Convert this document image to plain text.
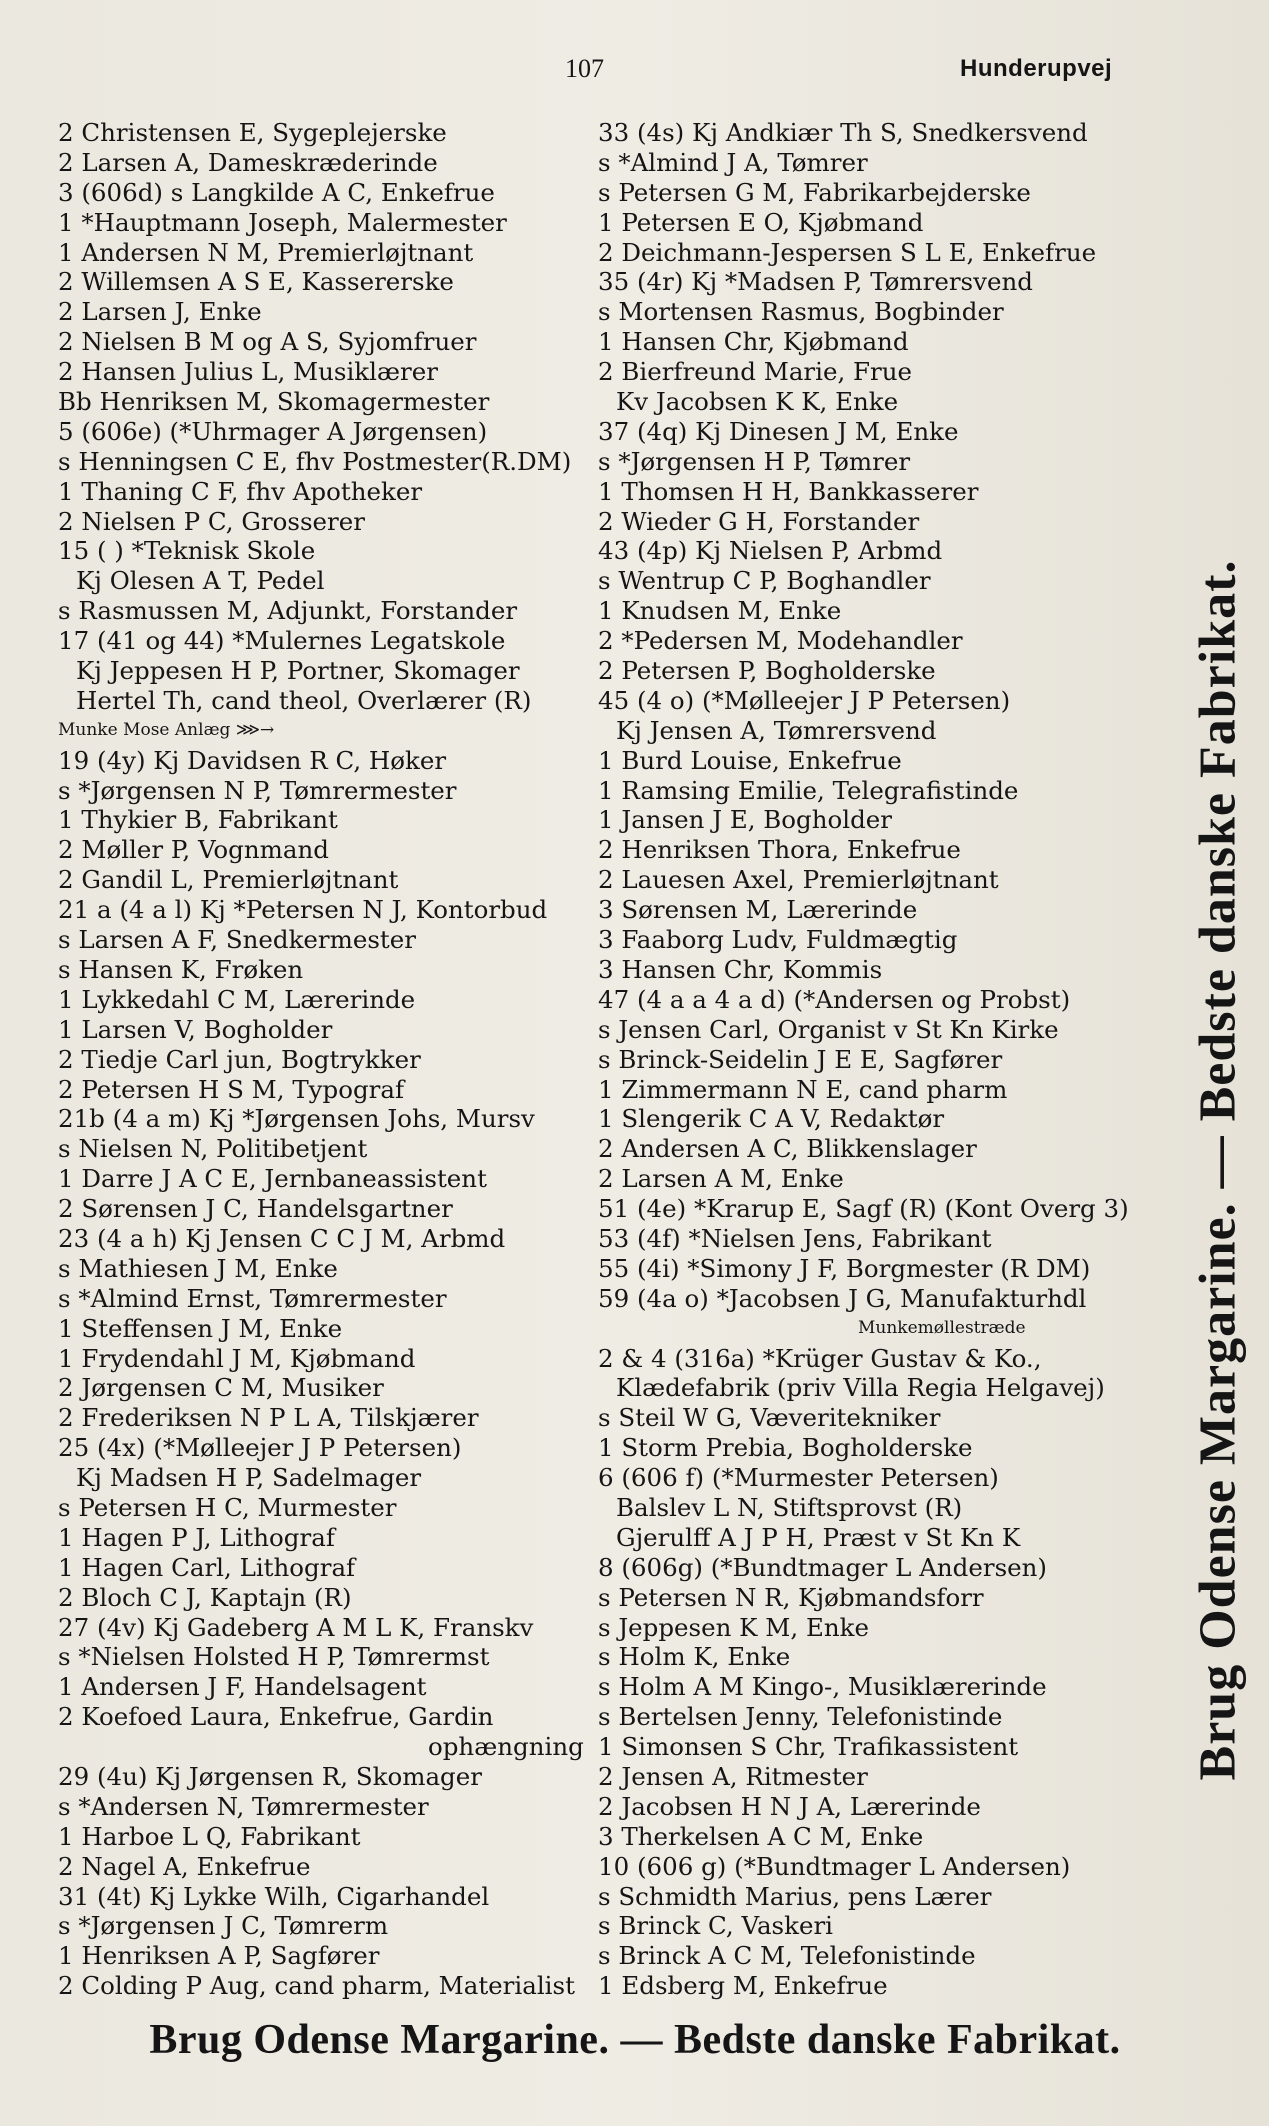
107	Hunderupvej
2 Christensen E, Sygeplejerske
2 Larsen A, Dameskræderinde
3 (606d) s Langkilde A C, Enkefrue
1 *Hauptmann Joseph, Malermester
1 Andersen N M, Premierløjtnant
2 Willemsen A S E, Kassererske
2 Larsen J, Enke
2 Nielsen B M og A S, Syjomfruer
2 Hansen Julius L, Musiklærer
Bb Henriksen M, Skomagermester
5 (606e) (*Uhrmager A Jørgensen)
s Henningsen C E, fhv Postmester(R.DM)
1 Thaning C F, fhv Apotheker
2 Nielsen P C, Grosserer
15 ( ) *Teknisk Skole
Kj Olesen A T, Pedel
s Rasmussen M, Adjunkt, Forstander
17 (41 og 44) *Mulernes Legatskole
Kj Jeppesen H P, Portner, Skomager
Hertel Th, cand theol, Overlærer (R)
Munke Mose Anlæg ⋙→
19 (4y) Kj Davidsen R C, Høker
s *Jørgensen N P, Tømrermester
1 Thykier B, Fabrikant
2 Møller P, Vognmand
2 Gandil L, Premierløjtnant
21 a (4 a l) Kj *Petersen N J, Kontorbud
s Larsen A F, Snedkermester
s Hansen K, Frøken
1 Lykkedahl C M, Lærerinde
1 Larsen V, Bogholder
2 Tiedje Carl jun, Bogtrykker
2 Petersen H S M, Typograf
21b (4 a m) Kj *Jørgensen Johs, Mursv
s Nielsen N, Politibetjent
1 Darre J A C E, Jernbaneassistent
2 Sørensen J C, Handelsgartner
23 (4 a h) Kj Jensen C C J M, Arbmd
s Mathiesen J M, Enke
s *Almind Ernst, Tømrermester
1 Steffensen J M, Enke
1 Frydendahl J M, Kjøbmand
2 Jørgensen C M, Musiker
2 Frederiksen N P L A, Tilskjærer
25 (4x) (*Mølleejer J P Petersen)
Kj Madsen H P, Sadelmager
s Petersen H C, Murmester
1 Hagen P J, Lithograf
1 Hagen Carl, Lithograf
2 Bloch C J, Kaptajn (R)
27 (4v) Kj Gadeberg A M L K, Franskv
s *Nielsen Holsted H P, Tømrermst
1 Andersen J F, Handelsagent
2 Koefoed Laura, Enkefrue, Gardin
ophængning
29 (4u) Kj Jørgensen R, Skomager
s *Andersen N, Tømrermester
1 Harboe L Q, Fabrikant
2 Nagel A, Enkefrue
31 (4t) Kj Lykke Wilh, Cigarhandel
s *Jørgensen J C, Tømrerm
1 Henriksen A P, Sagfører
2 Colding P Aug, cand pharm, Materialist
33 (4s) Kj Andkiær Th S, Snedkersvend
s *Almind J A, Tømrer
s Petersen G M, Fabrikarbejderske
1 Petersen E O, Kjøbmand
2 Deichmann-Jespersen S L E, Enkefrue
35 (4r) Kj *Madsen P, Tømrersvend
s Mortensen Rasmus, Bogbinder
1 Hansen Chr, Kjøbmand
2 Bierfreund Marie, Frue
Kv Jacobsen K K, Enke
37 (4q) Kj Dinesen J M, Enke
s *Jørgensen H P, Tømrer
1 Thomsen H H, Bankkasserer
2 Wieder G H, Forstander
43 (4p) Kj Nielsen P, Arbmd
s Wentrup C P, Boghandler
1 Knudsen M, Enke
2 *Pedersen M, Modehandler
2 Petersen P, Bogholderske
45 (4 o) (*Mølleejer J P Petersen)
Kj Jensen A, Tømrersvend
1 Burd Louise, Enkefrue
1 Ramsing Emilie, Telegrafistinde
1 Jansen J E, Bogholder
2 Henriksen Thora, Enkefrue
2 Lauesen Axel, Premierløjtnant
3 Sørensen M, Lærerinde
3 Faaborg Ludv, Fuldmægtig
3 Hansen Chr, Kommis
47 (4 a a 4 a d) (*Andersen og Probst)
s Jensen Carl, Organist v St Kn Kirke
s Brinck-Seidelin J E E, Sagfører
1 Zimmermann N E, cand pharm
1 Slengerik C A V, Redaktør
2 Andersen A C, Blikkenslager
2 Larsen A M, Enke
51 (4e) *Krarup E, Sagf (R) (Kont Overg 3)
53 (4f) *Nielsen Jens, Fabrikant
55 (4i) *Simony J F, Borgmester (R DM)
59 (4a o) *Jacobsen J G, Manufakturhdl
Munkemøllestræde
2 & 4 (316a) *Krüger Gustav & Ko.,
Klædefabrik (priv Villa Regia Helgavej)
s Steil W G, Væveritekniker
1 Storm Prebia, Bogholderske
6 (606 f) (*Murmester Petersen)
Balslev L N, Stiftsprovst (R)
Gjerulff A J P H, Præst v St Kn K
8 (606g) (*Bundtmager L Andersen)
s Petersen N R, Kjøbmandsforr
s Jeppesen K M, Enke
s Holm K, Enke
s Holm A M Kingo-, Musiklærerinde
s Bertelsen Jenny, Telefonistinde
1 Simonsen S Chr, Trafikassistent
2 Jensen A, Ritmester
2 Jacobsen H N J A, Lærerinde
3 Therkelsen A C M, Enke
10 (606 g) (*Bundtmager L Andersen)
s Schmidth Marius, pens Lærer
s Brinck C, Vaskeri
s Brinck A C M, Telefonistinde
1 Edsberg M, Enkefrue
Brug Odense Margarine. — Bedste danske Fabrikat.
Brug Odense Margarine. — Bedste danske Fabrikat.
